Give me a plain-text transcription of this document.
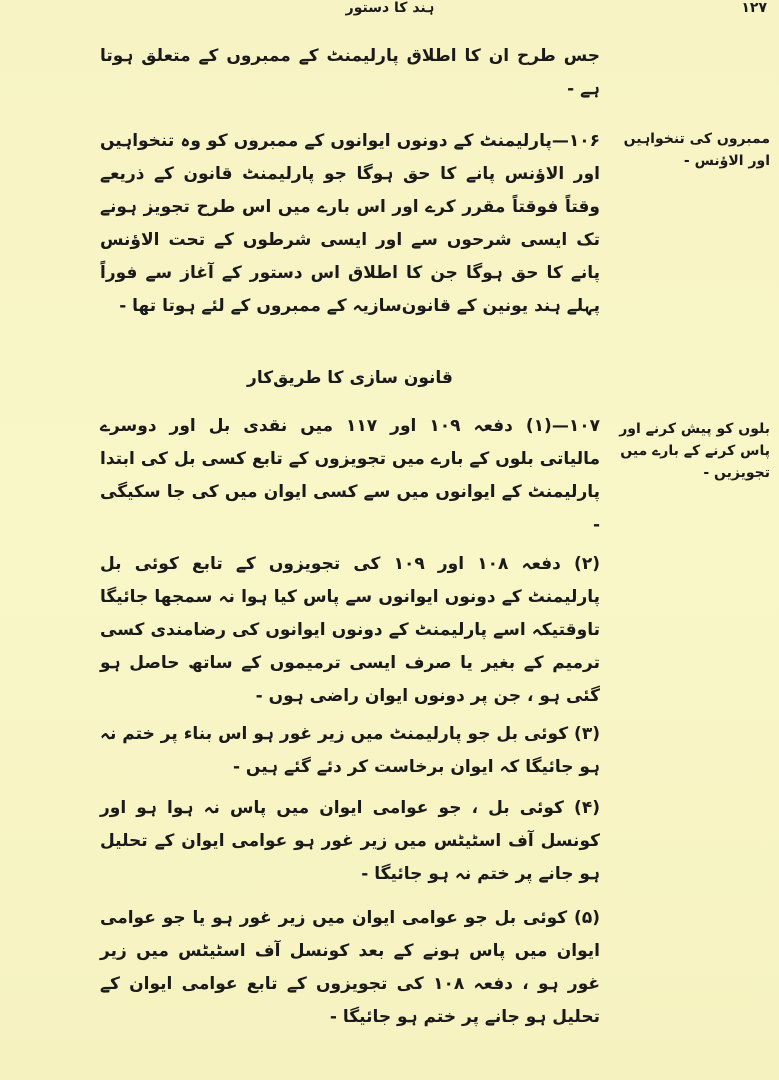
ہند کا دستور	۱۲۷

جس طرح ان کا اطلاق پارلیمنٹ کے ممبروں کے متعلق ہوتا ہے -

ممبروں کی تنخواہیں اور الاؤنس -

۱۰۶—پارلیمنٹ کے دونوں ایوانوں کے ممبروں کو وہ تنخواہیں اور الاؤنس پانے کا حق ہوگا جو پارلیمنٹ قانون کے ذریعے وقتاً فوقتاً مقرر کرے اور اس بارے میں اس طرح تجویز ہونے تک ایسی شرحوں سے اور ایسی شرطوں کے تحت الاؤنس پانے کا حق ہوگا جن کا اطلاق اس دستور کے آغاز سے فوراً پہلے ہند یونین کے قانون‌سازیہ کے ممبروں کے لئے ہوتا تھا -

قانون سازی کا طریق‌کار
بلوں کو پیش کرنے اور پاس کرنے کے بارے میں تجویزیں -

۱۰۷—(۱) دفعہ ۱۰۹ اور ۱۱۷ میں نقدی بل اور دوسرے مالیاتی بلوں کے بارے میں تجویزوں کے تابع کسی بل کی ابتدا پارلیمنٹ کے ایوانوں میں سے کسی ایوان میں کی جا سکیگی -

(۲) دفعہ ۱۰۸ اور ۱۰۹ کی تجویزوں کے تابع کوئی بل پارلیمنٹ کے دونوں ایوانوں سے پاس کیا ہوا نہ سمجھا جائیگا تاوقتیکہ اسے پارلیمنٹ کے دونوں ایوانوں کی رضامندی کسی ترمیم کے بغیر یا صرف ایسی ترمیموں کے ساتھ حاصل ہو گئی ہو ، جن پر دونوں ایوان راضی ہوں -

(۳) کوئی بل جو پارلیمنٹ میں زیر غور ہو اس بناء پر ختم نہ ہو جائیگا کہ ایوان برخاست کر دئے گئے ہیں -

(۴) کوئی بل ، جو عوامی ایوان میں پاس نہ ہوا ہو اور کونسل آف اسٹیٹس میں زیر غور ہو عوامی ایوان کے تحلیل ہو جانے پر ختم نہ ہو جائیگا -

(۵) کوئی بل جو عوامی ایوان میں زیر غور ہو یا جو عوامی ایوان میں پاس ہونے کے بعد کونسل آف اسٹیٹس میں زیر غور ہو ، دفعہ ۱۰۸ کی تجویزوں کے تابع عوامی ایوان کے تحلیل ہو جانے پر ختم ہو جائیگا -
